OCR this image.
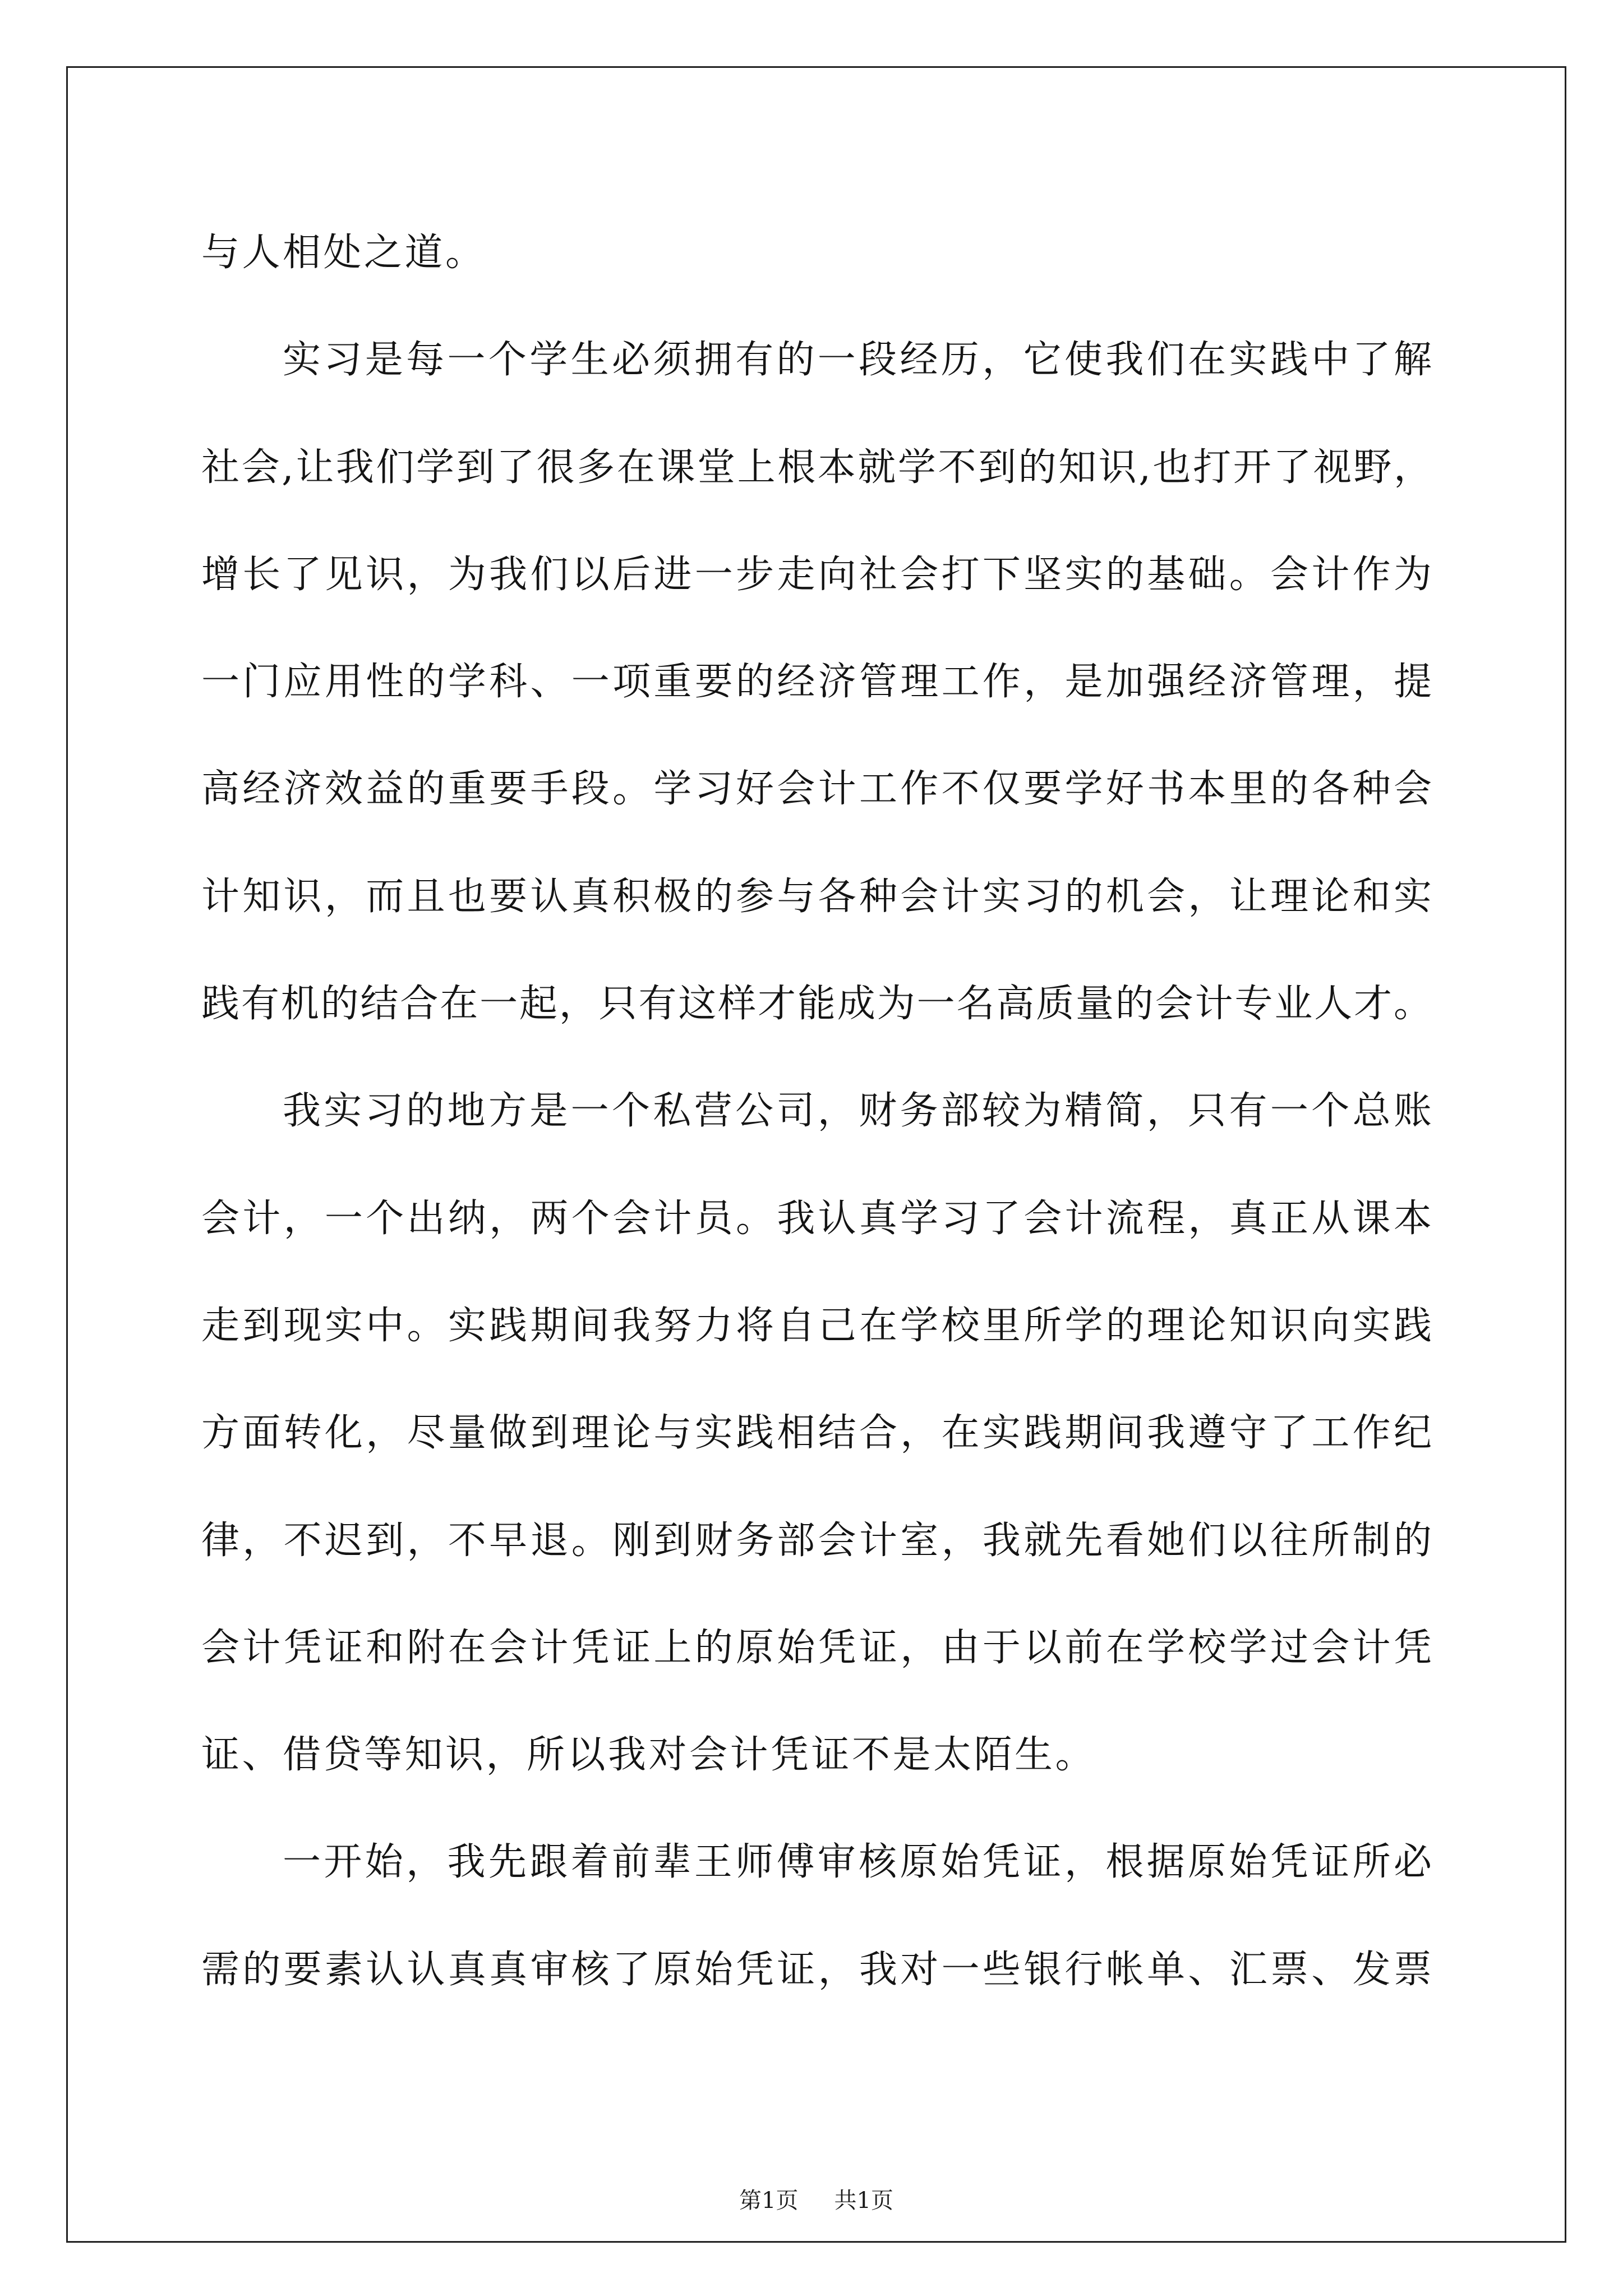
与人相处之道。
实习是每一个学生必须拥有的一段经历，它使我们在实践中了解
社会,让我们学到了很多在课堂上根本就学不到的知识,也打开了视野，
增长了见识，为我们以后进一步走向社会打下坚实的基础。会计作为
一门应用性的学科、一项重要的经济管理工作，是加强经济管理，提
高经济效益的重要手段。学习好会计工作不仅要学好书本里的各种会
计知识，而且也要认真积极的参与各种会计实习的机会，让理论和实
践有机的结合在一起，只有这样才能成为一名高质量的会计专业人才。
我实习的地方是一个私营公司，财务部较为精简，只有一个总账
会计，一个出纳，两个会计员。我认真学习了会计流程，真正从课本
走到现实中。实践期间我努力将自己在学校里所学的理论知识向实践
方面转化，尽量做到理论与实践相结合，在实践期间我遵守了工作纪
律，不迟到，不早退。刚到财务部会计室，我就先看她们以往所制的
会计凭证和附在会计凭证上的原始凭证，由于以前在学校学过会计凭
证、借贷等知识，所以我对会计凭证不是太陌生。
一开始，我先跟着前辈王师傅审核原始凭证，根据原始凭证所必
需的要素认认真真审核了原始凭证，我对一些银行帐单、汇票、发票
第1页 共1页
